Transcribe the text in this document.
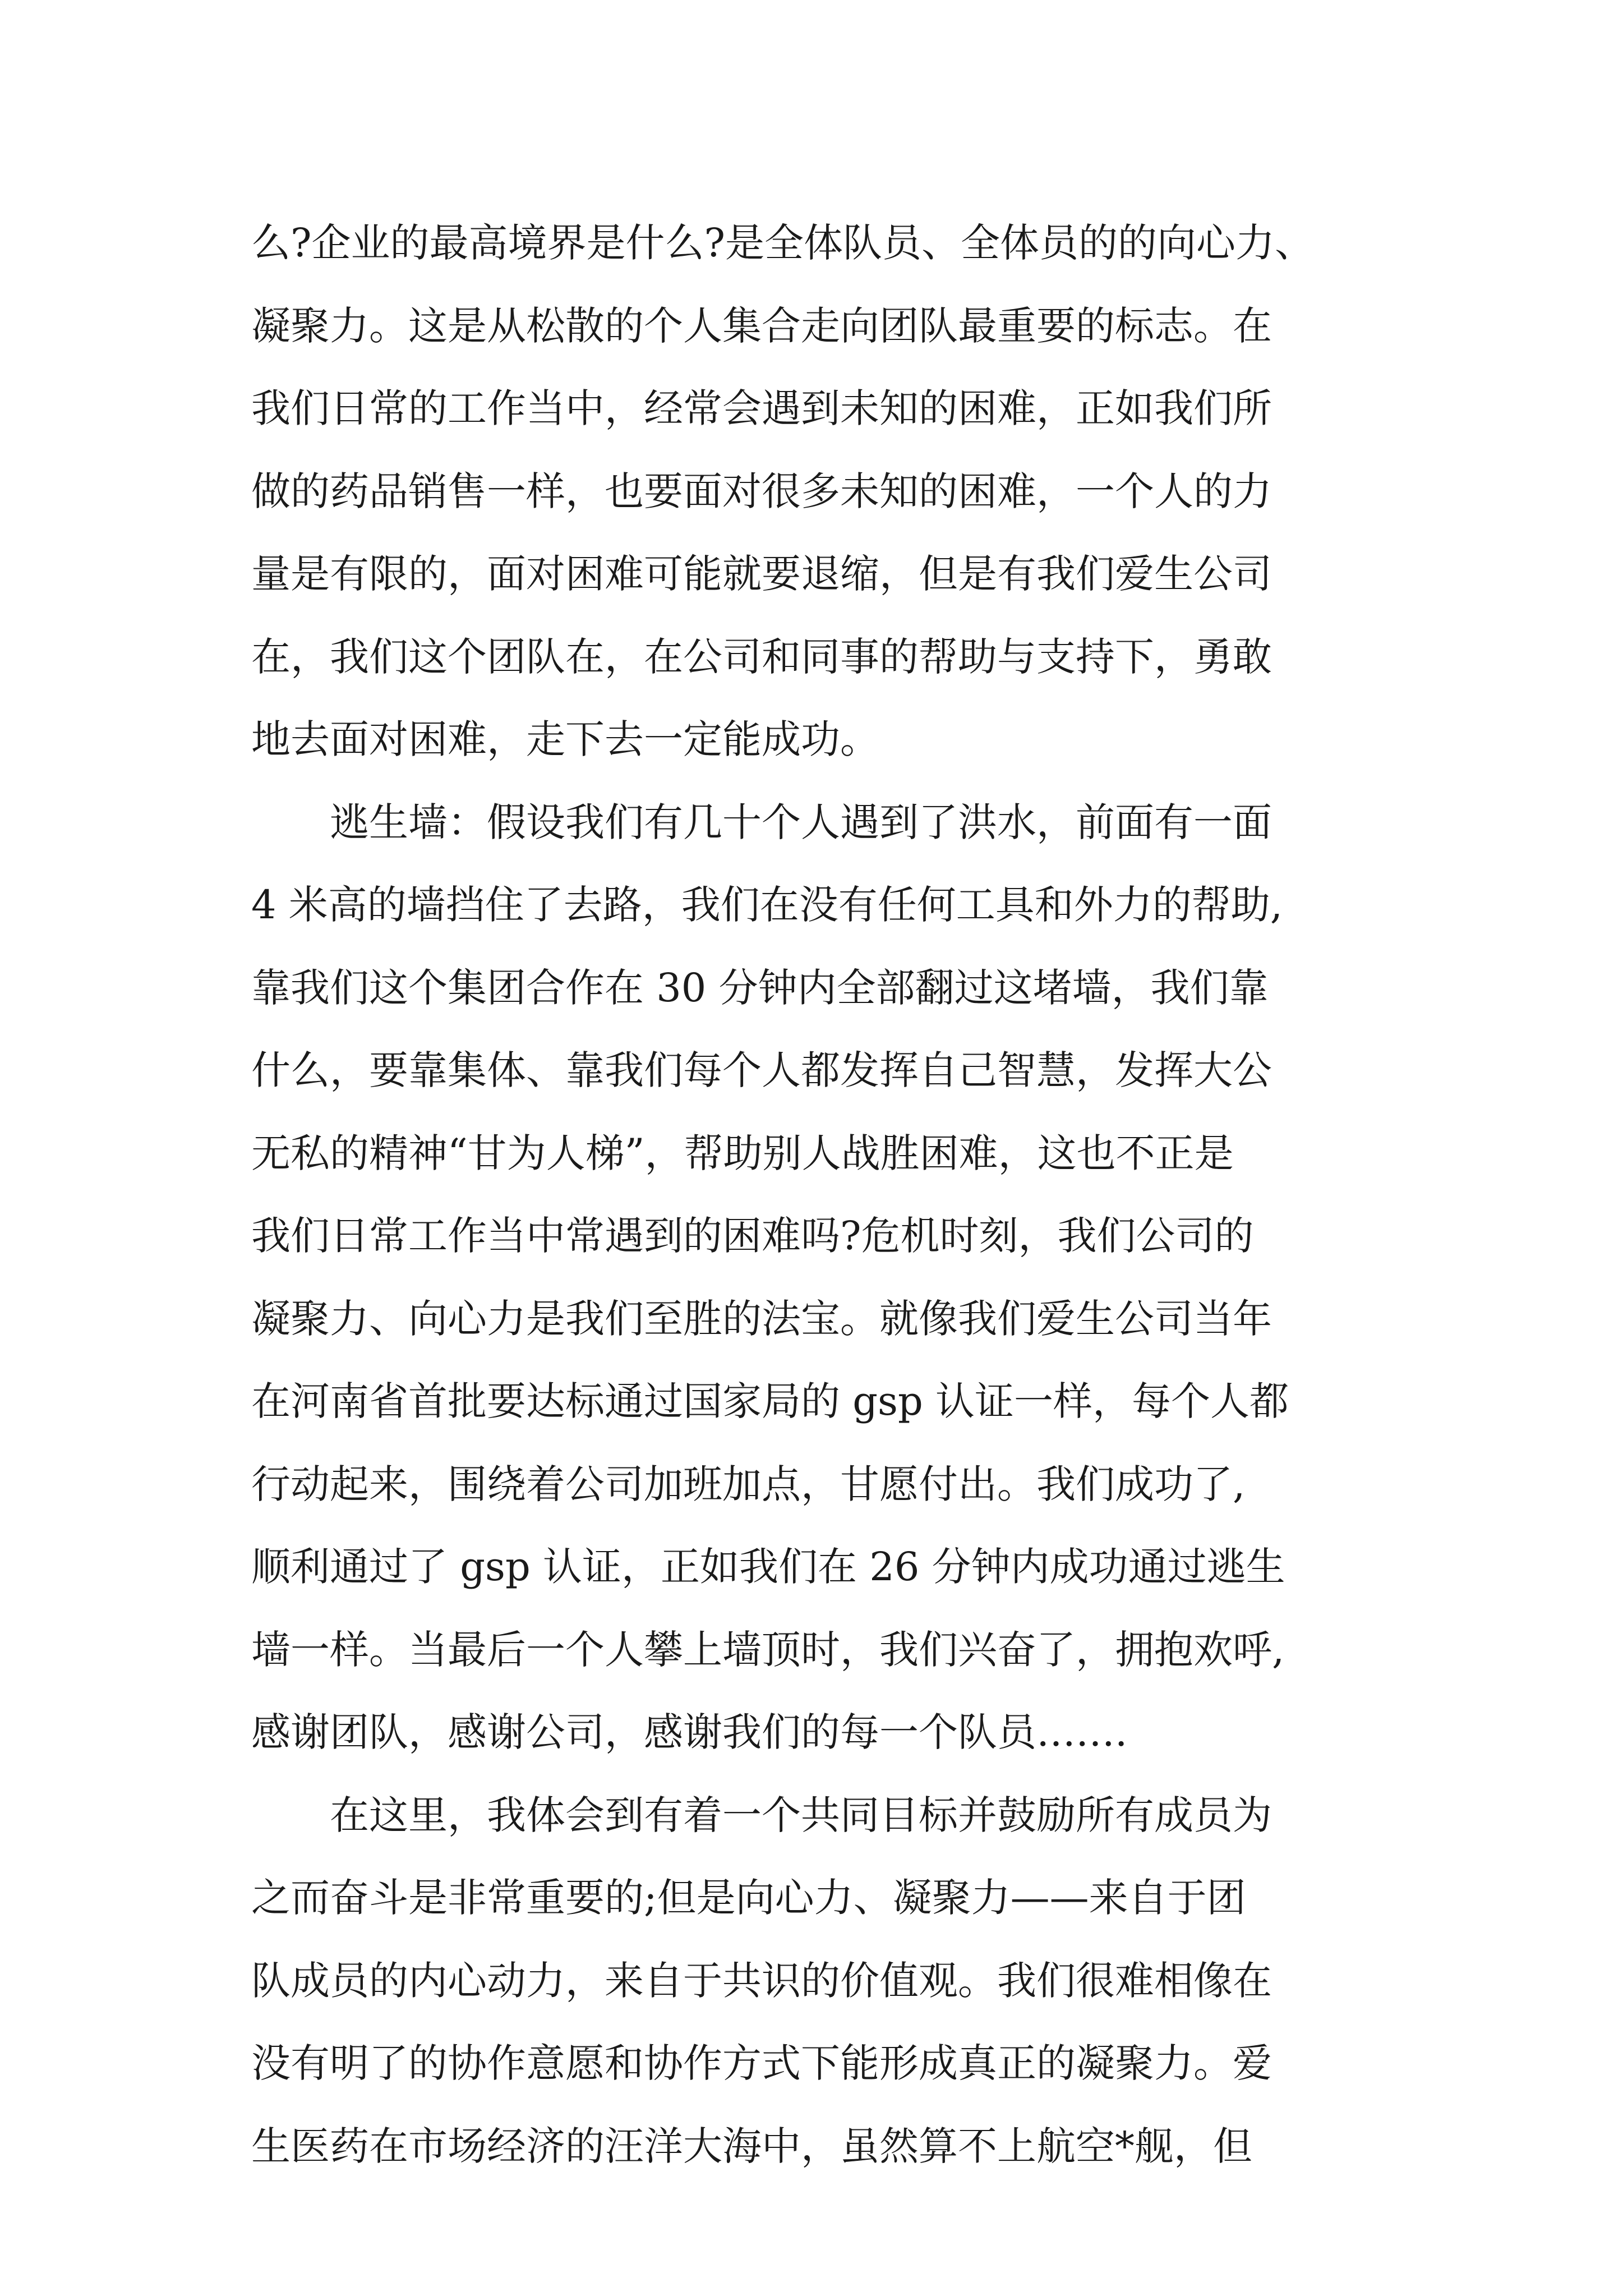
么?企业的最高境界是什么?是全体队员、全体员的的向心力、
凝聚力。这是从松散的个人集合走向团队最重要的标志。在
我们日常的工作当中，经常会遇到未知的困难，正如我们所
做的药品销售一样，也要面对很多未知的困难，一个人的力
量是有限的，面对困难可能就要退缩，但是有我们爱生公司
在，我们这个团队在，在公司和同事的帮助与支持下，勇敢
地去面对困难，走下去一定能成功。
　　逃生墙：假设我们有几十个人遇到了洪水，前面有一面
4 米高的墙挡住了去路，我们在没有任何工具和外力的帮助,
靠我们这个集团合作在 30 分钟内全部翻过这堵墙，我们靠
什么，要靠集体、靠我们每个人都发挥自己智慧，发挥大公
无私的精神“甘为人梯”，帮助别人战胜困难，这也不正是
我们日常工作当中常遇到的困难吗?危机时刻，我们公司的
凝聚力、向心力是我们至胜的法宝。就像我们爱生公司当年
在河南省首批要达标通过国家局的 gsp 认证一样，每个人都
行动起来，围绕着公司加班加点，甘愿付出。我们成功了,
顺利通过了 gsp 认证，正如我们在 26 分钟内成功通过逃生
墙一样。当最后一个人攀上墙顶时，我们兴奋了，拥抱欢呼,
感谢团队，感谢公司，感谢我们的每一个队员…….
　　在这里，我体会到有着一个共同目标并鼓励所有成员为
之而奋斗是非常重要的;但是向心力、凝聚力——来自于团
队成员的内心动力，来自于共识的价值观。我们很难相像在
没有明了的协作意愿和协作方式下能形成真正的凝聚力。爱
生医药在市场经济的汪洋大海中，虽然算不上航空*舰，但
